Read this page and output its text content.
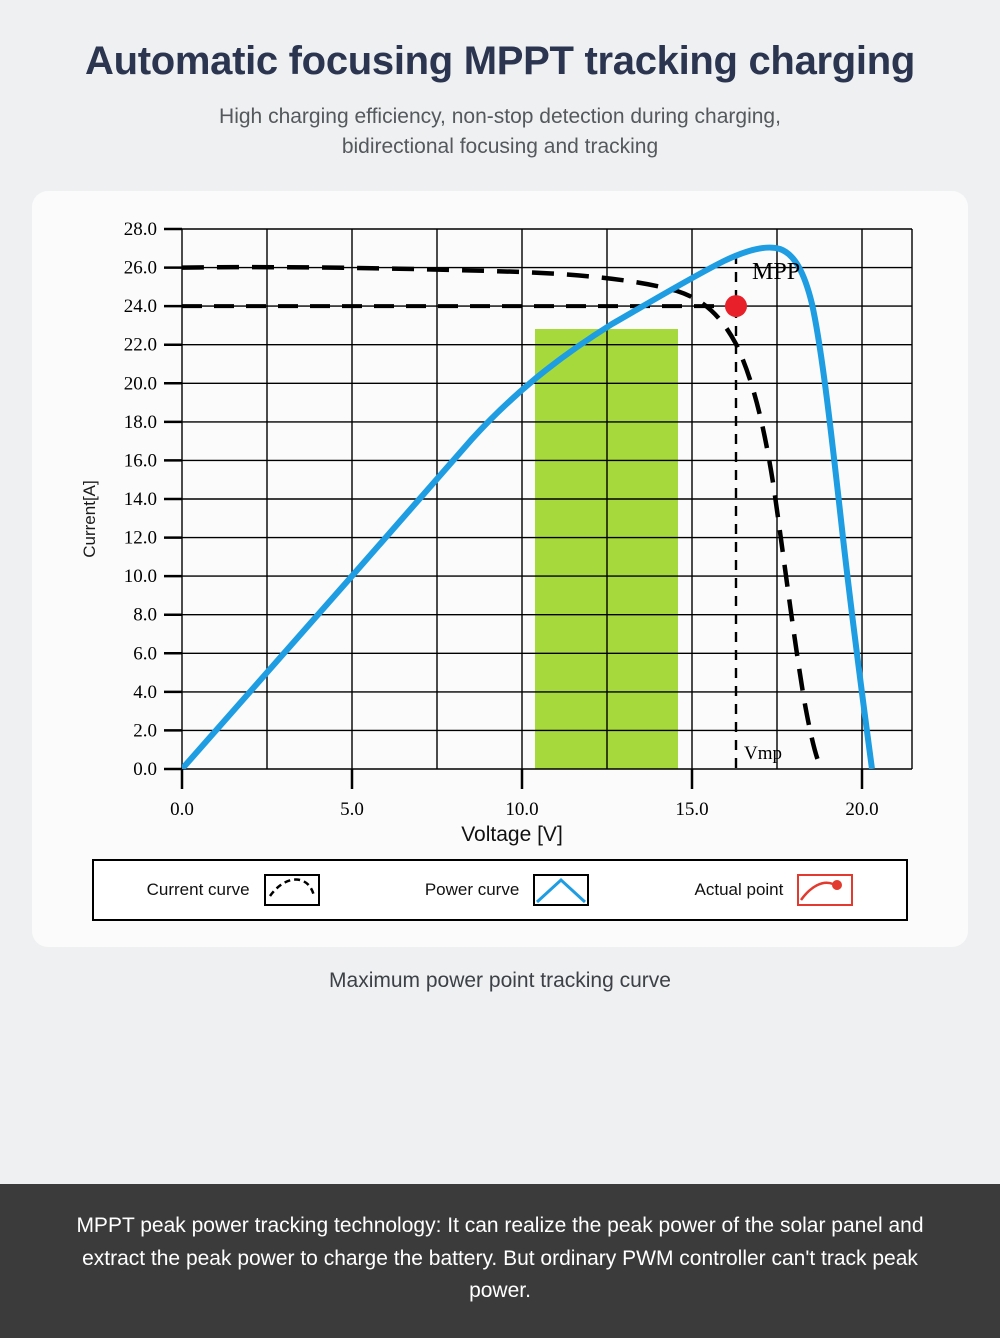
Automatic focusing MPPT tracking charging
High charging efficiency, non-stop detection during charging, bidirectional focusing and tracking
Current[A]
0.0
2.0
4.0
6.0
8.0
10.0
12.0
14.0
16.0
18.0
20.0
22.0
24.0
26.0
28.0
0.0	5.0	10.0	15.0	20.0
MPP
Vmp
Voltage [V]
Current curve	Power curve	Actual point
Maximum power point tracking curve
MPPT peak power tracking technology: It can realize the peak power of the solar panel and extract the peak power to charge the battery. But ordinary PWM controller can't track peak power.
